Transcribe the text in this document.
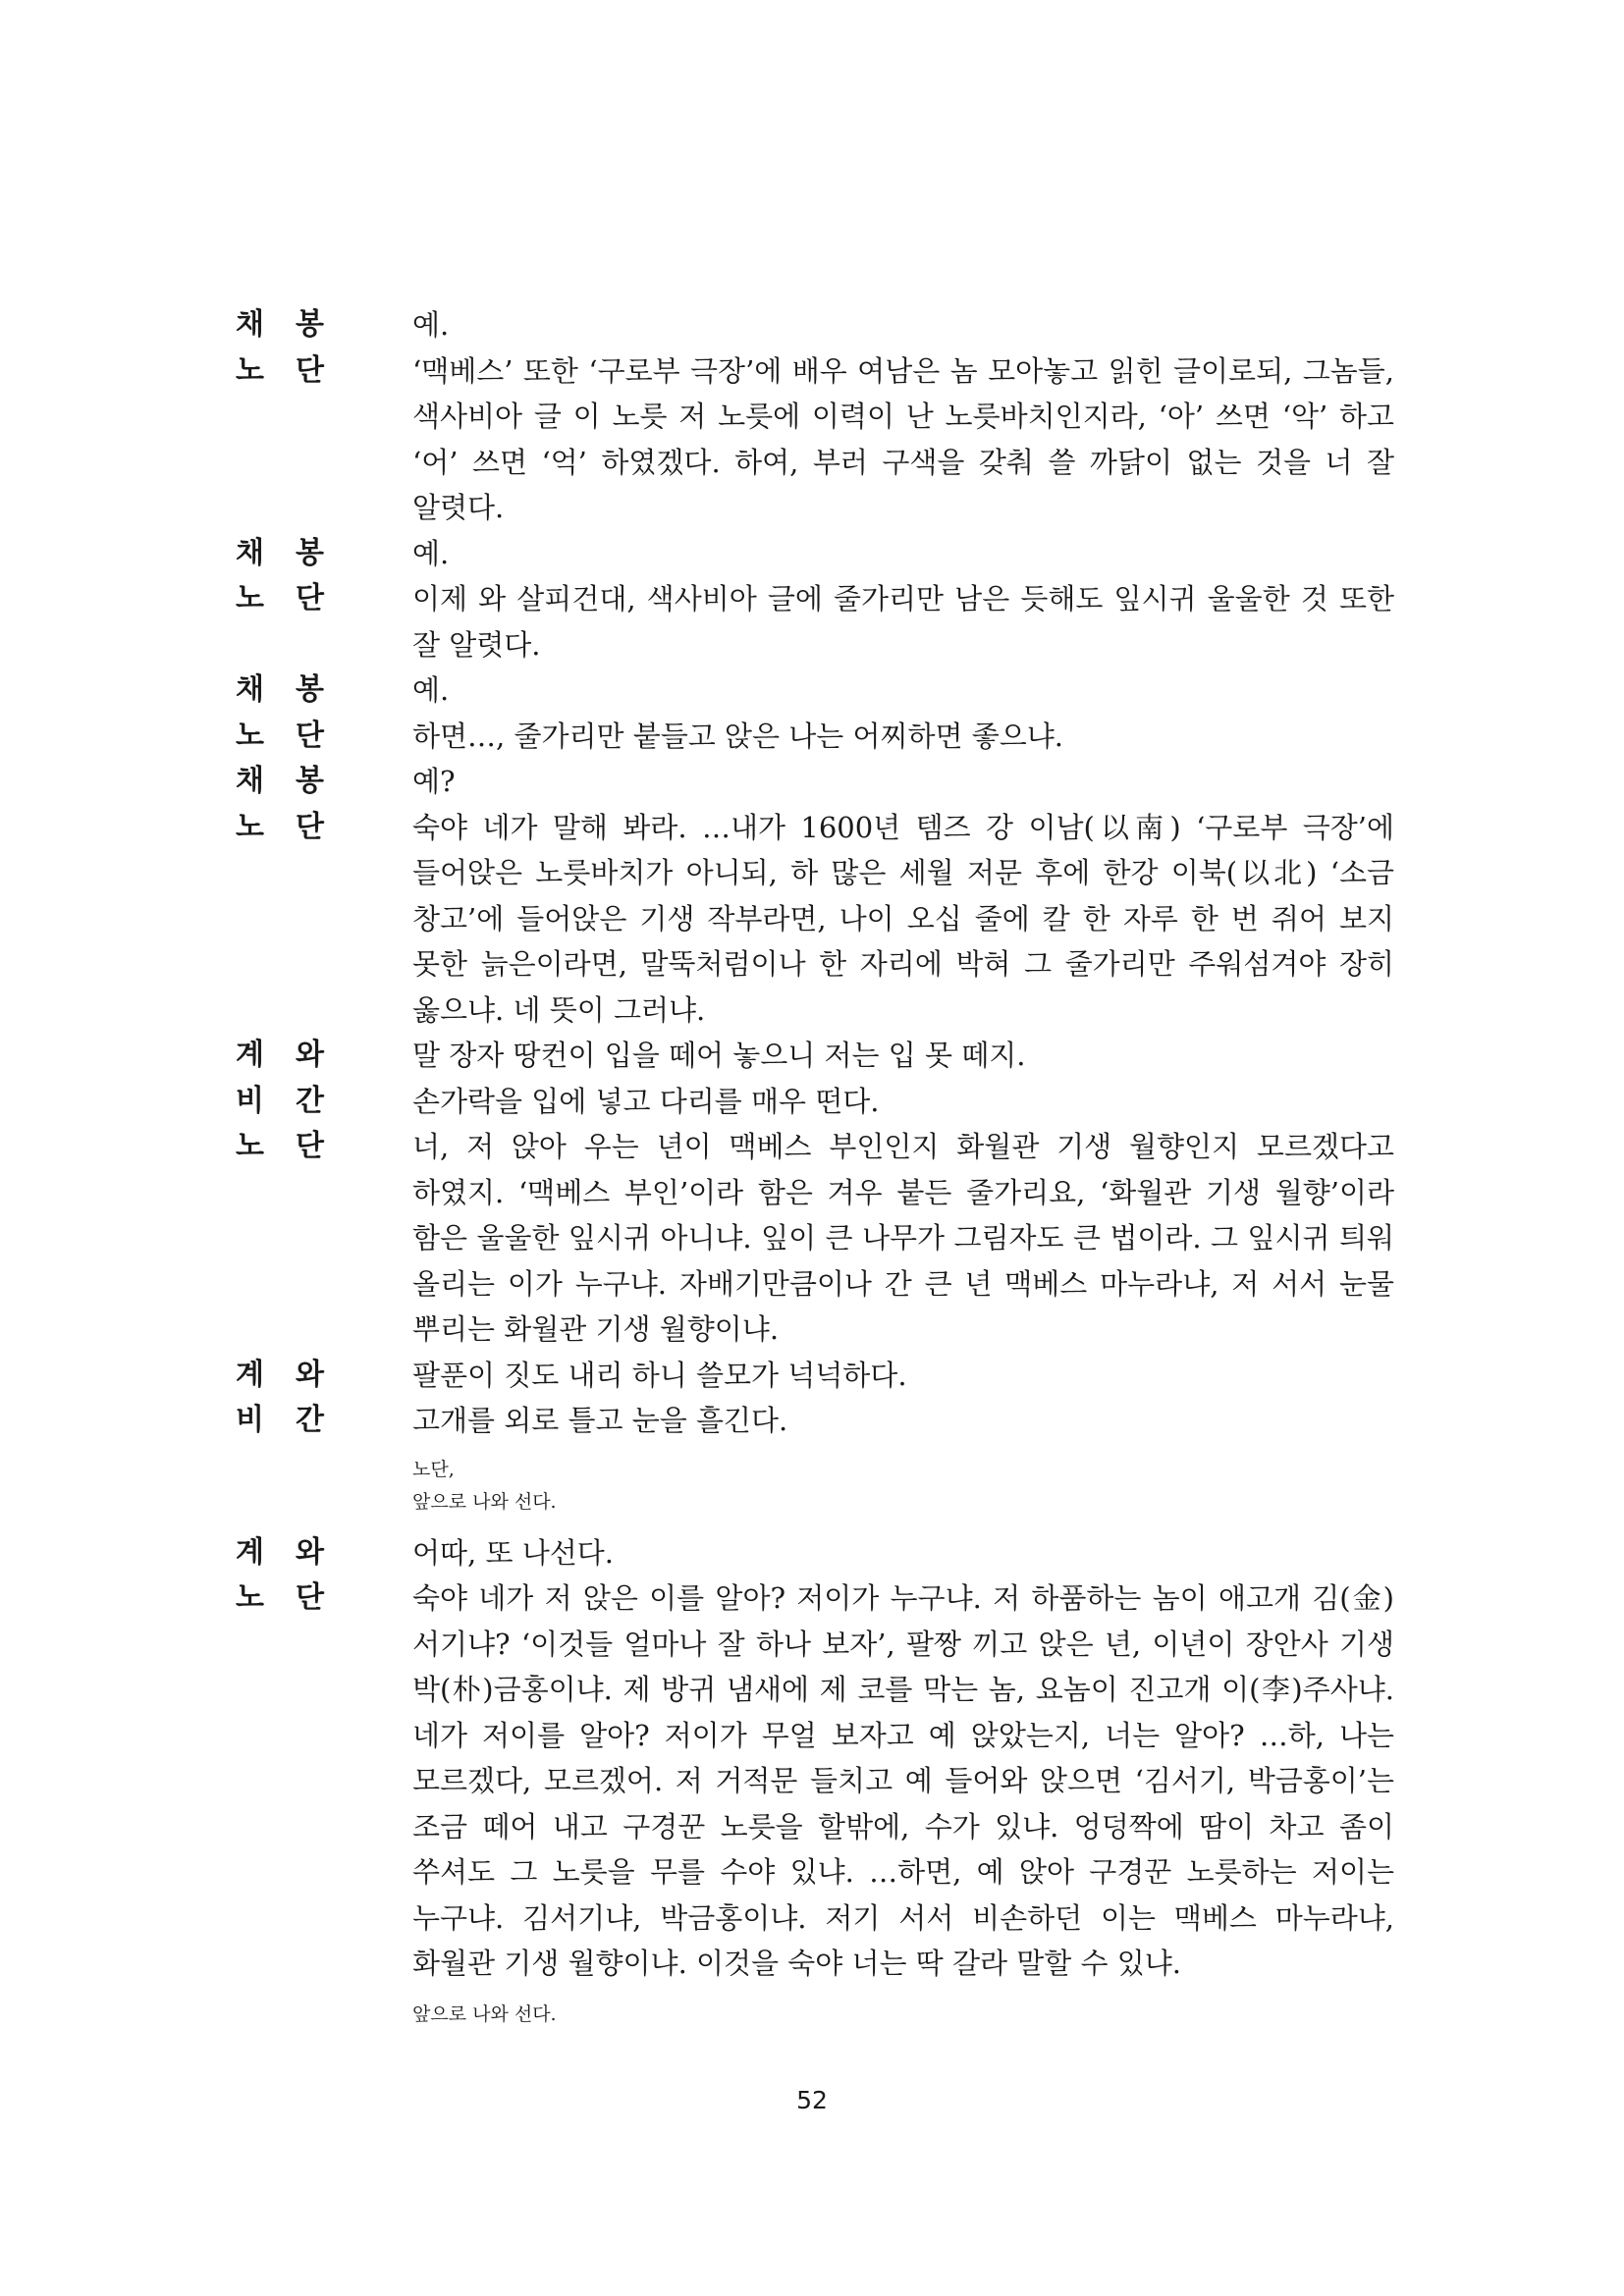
채봉	예.
노단	‘맥베스’ 또한 ‘구로부 극장’에 배우 여남은 놈 모아놓고 읽힌 글이로되, 그놈들, 색사비아 글 이 노릇 저 노릇에 이력이 난 노릇바치인지라, ‘아’ 쓰면 ‘악’ 하고 ‘어’ 쓰면 ‘억’ 하였겠다. 하여, 부러 구색을 갖춰 쓸 까닭이 없는 것을 너 잘 알렷다.
채봉	예.
노단	이제 와 살피건대, 색사비아 글에 줄가리만 남은 듯해도 잎시귀 울울한 것 또한 잘 알렷다.
채봉	예.
노단	하면…, 줄가리만 붙들고 앉은 나는 어찌하면 좋으냐.
채봉	예?
노단	숙야 네가 말해 봐라. …내가 1600년 템즈 강 이남(以南) ‘구로부 극장’에 들어앉은 노릇바치가 아니되, 하 많은 세월 저문 후에 한강 이북(以北) ‘소금 창고’에 들어앉은 기생 작부라면, 나이 오십 줄에 칼 한 자루 한 번 쥐어 보지 못한 늙은이라면, 말뚝처럼이나 한 자리에 박혀 그 줄가리만 주워섬겨야 장히 옳으냐. 네 뜻이 그러냐.
계와	말 장자 땅컨이 입을 떼어 놓으니 저는 입 못 떼지.
비간	손가락을 입에 넣고 다리를 매우 떤다.
노단	너, 저 앉아 우는 년이 맥베스 부인인지 화월관 기생 월향인지 모르겠다고 하였지. ‘맥베스 부인’이라 함은 겨우 붙든 줄가리요, ‘화월관 기생 월향’이라 함은 울울한 잎시귀 아니냐. 잎이 큰 나무가 그림자도 큰 법이라. 그 잎시귀 틔워 올리는 이가 누구냐. 자배기만큼이나 간 큰 년 맥베스 마누라냐, 저 서서 눈물 뿌리는 화월관 기생 월향이냐.
계와	팔푼이 짓도 내리 하니 쓸모가 넉넉하다.
비간	고개를 외로 틀고 눈을 흘긴다.
노단,
앞으로 나와 선다.
계와	어따, 또 나선다.
노단	숙야 네가 저 앉은 이를 알아? 저이가 누구냐. 저 하품하는 놈이 애고개 김(金)서기냐? ‘이것들 얼마나 잘 하나 보자’, 팔짱 끼고 앉은 년, 이년이 장안사 기생 박(朴)금홍이냐. 제 방귀 냄새에 제 코를 막는 놈, 요놈이 진고개 이(李)주사냐. 네가 저이를 알아? 저이가 무얼 보자고 예 앉았는지, 너는 알아? …하, 나는 모르겠다, 모르겠어. 저 거적문 들치고 예 들어와 앉으면 ‘김서기, 박금홍이’는 조금 떼어 내고 구경꾼 노릇을 할밖에, 수가 있냐. 엉덩짝에 땀이 차고 좀이 쑤셔도 그 노릇을 무를 수야 있냐. …하면, 예 앉아 구경꾼 노릇하는 저이는 누구냐. 김서기냐, 박금홍이냐. 저기 서서 비손하던 이는 맥베스 마누라냐, 화월관 기생 월향이냐. 이것을 숙야 너는 딱 갈라 말할 수 있냐.
앞으로 나와 선다.
52
